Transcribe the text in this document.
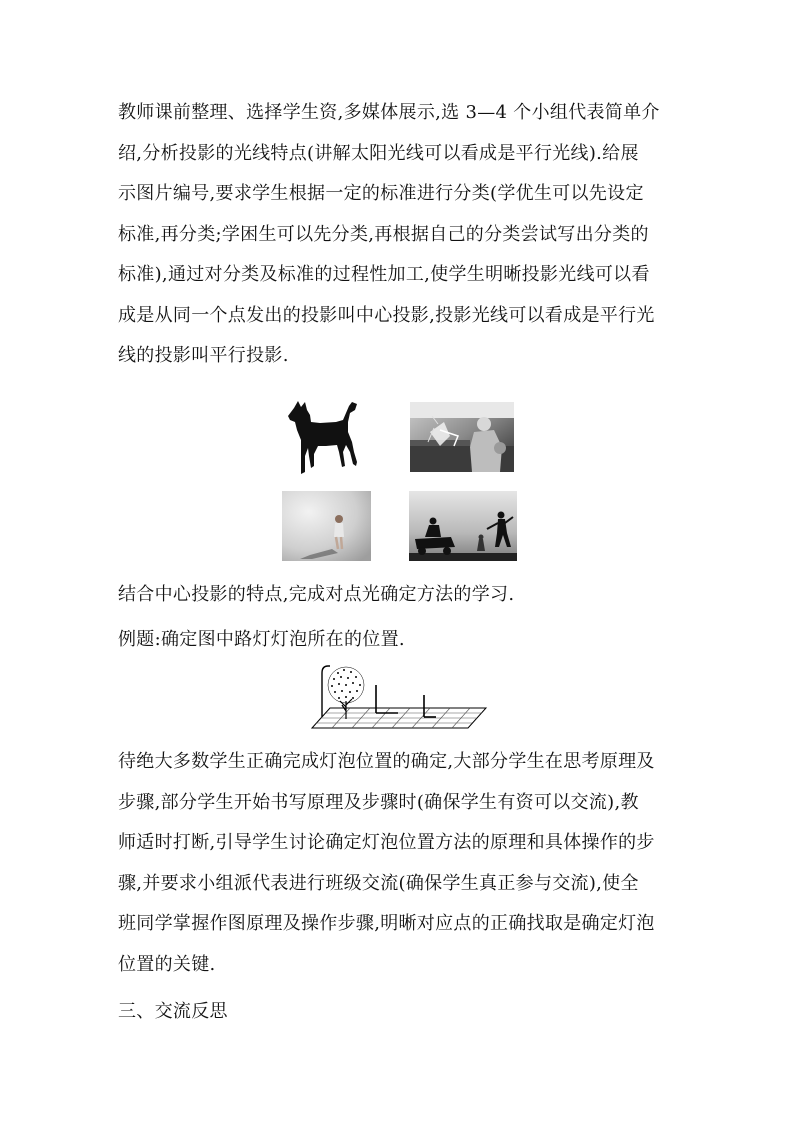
教师课前整理、选择学生资,多媒体展示,选 3—4 个小组代表简单介
绍,分析投影的光线特点(讲解太阳光线可以看成是平行光线).给展
示图片编号,要求学生根据一定的标准进行分类(学优生可以先设定
标准,再分类;学困生可以先分类,再根据自己的分类尝试写出分类的
标准),通过对分类及标准的过程性加工,使学生明晰投影光线可以看
成是从同一个点发出的投影叫中心投影,投影光线可以看成是平行光
线的投影叫平行投影.
结合中心投影的特点,完成对点光确定方法的学习.
例题:确定图中路灯灯泡所在的位置.
待绝大多数学生正确完成灯泡位置的确定,大部分学生在思考原理及
步骤,部分学生开始书写原理及步骤时(确保学生有资可以交流),教
师适时打断,引导学生讨论确定灯泡位置方法的原理和具体操作的步
骤,并要求小组派代表进行班级交流(确保学生真正参与交流),使全
班同学掌握作图原理及操作步骤,明晰对应点的正确找取是确定灯泡
位置的关键.
三、交流反思
